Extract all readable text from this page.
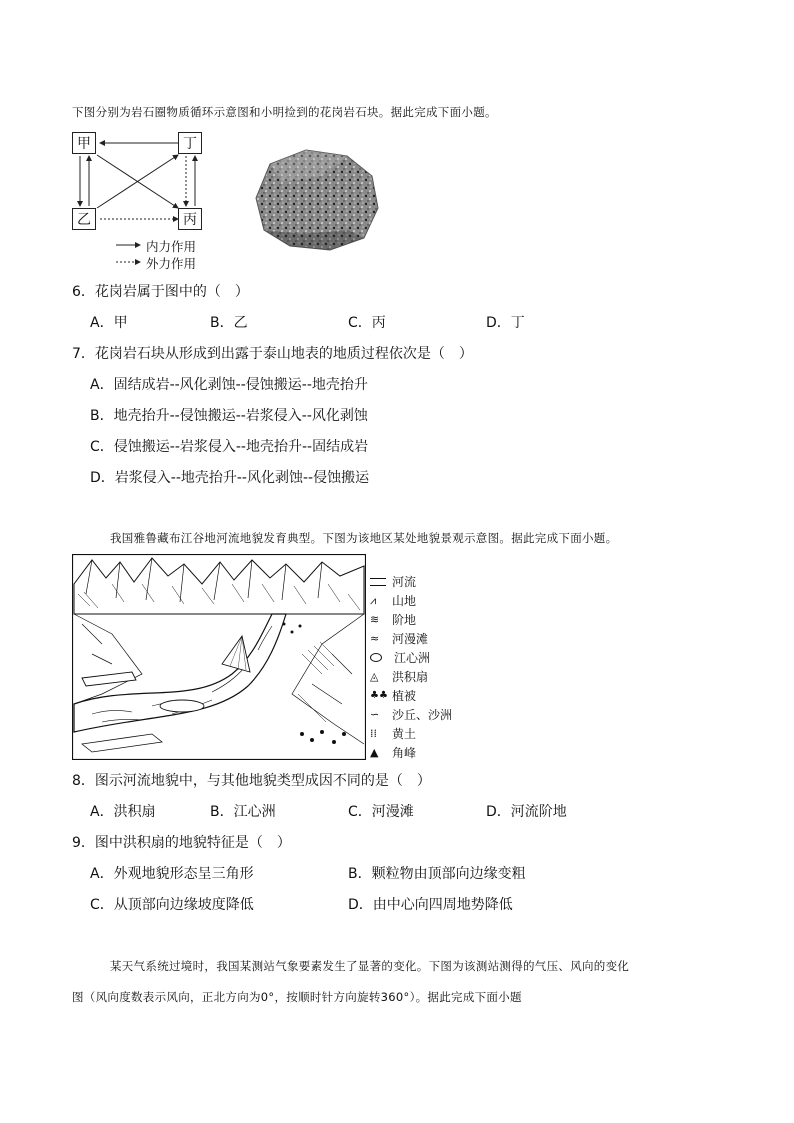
下图分别为岩石圈物质循环示意图和小明捡到的花岗岩石块。据此完成下面小题。
甲	丁
乙	丙
内力作用
外力作用
6．花岗岩属于图中的（　）
A．甲	B．乙	C．丙	D．丁
7．花岗岩石块从形成到出露于泰山地表的地质过程依次是（　）
A．固结成岩--风化剥蚀--侵蚀搬运--地壳抬升
B．地壳抬升--侵蚀搬运--岩浆侵入--风化剥蚀
C．侵蚀搬运--岩浆侵入--地壳抬升--固结成岩
D．岩浆侵入--地壳抬升--风化剥蚀--侵蚀搬运
我国雅鲁藏布江谷地河流地貌发育典型。下图为该地区某处地貌景观示意图。据此完成下面小题。
河流
⩘	山地
≋	阶地
≈	河漫滩
江心洲
◬	洪积扇
♣♣ 植被
∽	沙丘、沙洲
⁞⁞	黄土
▲	角峰
8．图示河流地貌中，与其他地貌类型成因不同的是（　）
A．洪积扇	B．江心洲	C．河漫滩	D．河流阶地
9．图中洪积扇的地貌特征是（　）
A．外观地貌形态呈三角形	B．颗粒物由顶部向边缘变粗
C．从顶部向边缘坡度降低	D．由中心向四周地势降低
某天气系统过境时，我国某测站气象要素发生了显著的变化。下图为该测站测得的气压、风向的变化
图（风向度数表示风向，正北方向为0°，按顺时针方向旋转360°）。据此完成下面小题
